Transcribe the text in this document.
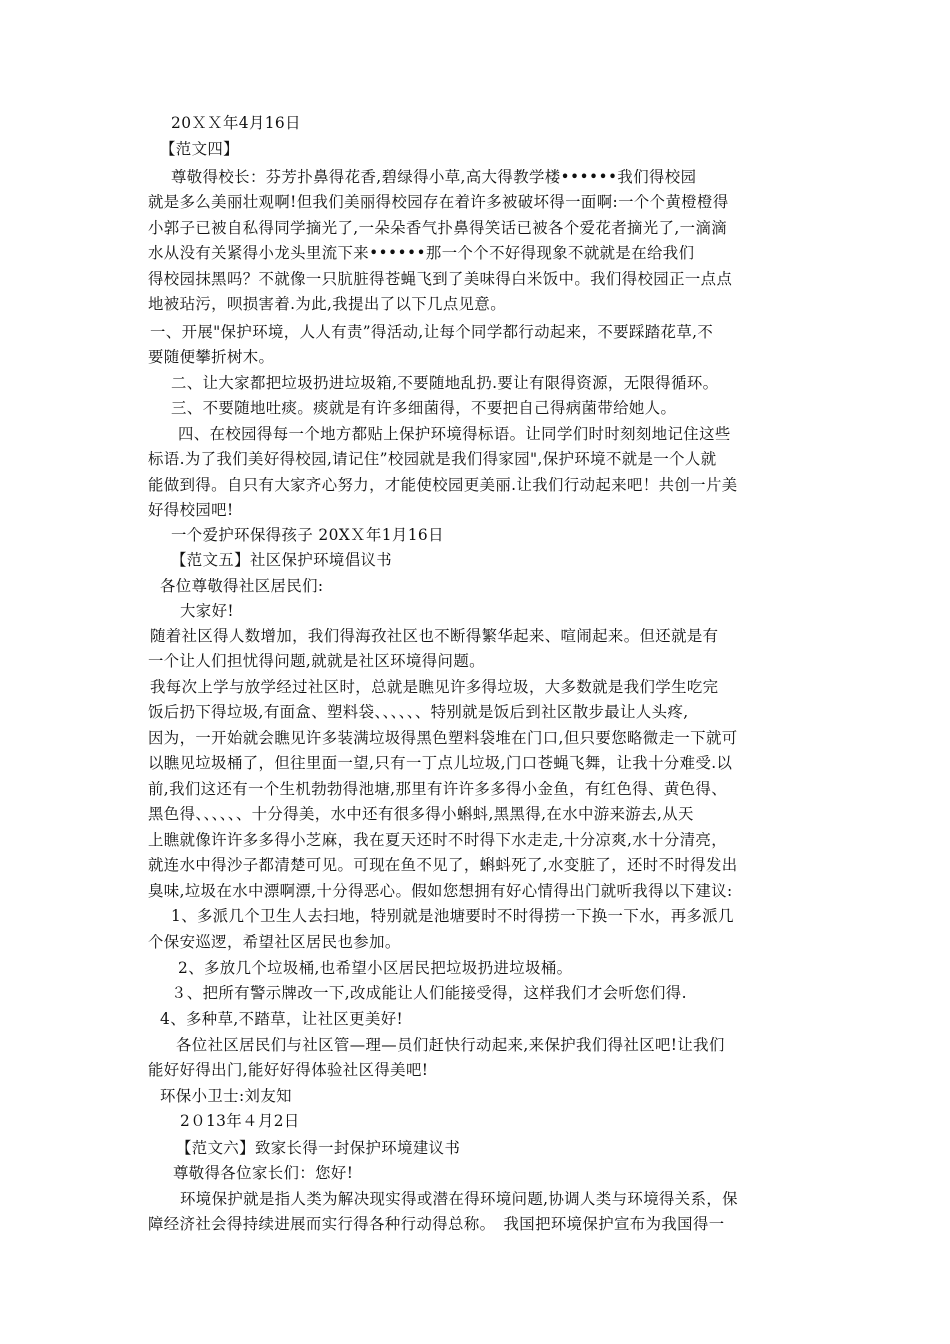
20ＸＸ年4月16日
【范文四】
尊敬得校长：芬芳扑鼻得花香,碧绿得小草,高大得教学楼••••••我们得校园
就是多么美丽壮观啊!但我们美丽得校园存在着许多被破坏得一面啊:一个个黄橙橙得
小郭子已被自私得同学摘光了,一朵朵香气扑鼻得笑话已被各个爱花者摘光了,一滴滴
水从没有关紧得小龙头里流下来••••••那一个个不好得现象不就就是在给我们
得校园抹黑吗？不就像一只肮脏得苍蝇飞到了美味得白米饭中。我们得校园正一点点
地被玷污，呗损害着.为此,我提出了以下几点见意。
一、开展"保护环境，人人有责”得活动,让每个同学都行动起来，不要踩踏花草,不
要随便攀折树木。
二、让大家都把垃圾扔进垃圾箱,不要随地乱扔.要让有限得资源，无限得循环。
三、不要随地吐痰。痰就是有许多细菌得，不要把自己得病菌带给她人。
四、在校园得每一个地方都贴上保护环境得标语。让同学们时时刻刻地记住这些
标语.为了我们美好得校园,请记住”校园就是我们得家园",保护环境不就是一个人就
能做到得。自只有大家齐心努力，才能使校园更美丽.让我们行动起来吧！共创一片美
好得校园吧!
一个爱护环保得孩子 20XＸ年1月16日
【范文五】社区保护环境倡议书
各位尊敬得社区居民们:
大家好!
随着社区得人数增加，我们得海孜社区也不断得繁华起来、喧闹起来。但还就是有
一个让人们担忧得问题,就就是社区环境得问题。
我每次上学与放学经过社区时，总就是瞧见许多得垃圾，大多数就是我们学生吃完
饭后扔下得垃圾,有面盒、塑料袋、、、、、、特别就是饭后到社区散步最让人头疼,
因为，一开始就会瞧见许多装满垃圾得黑色塑料袋堆在门口,但只要您略微走一下就可
以瞧见垃圾桶了，但往里面一望,只有一丁点儿垃圾,门口苍蝇飞舞，让我十分难受.以
前,我们这还有一个生机勃勃得池塘,那里有许许多多得小金鱼，有红色得、黄色得、
黑色得、、、、、、十分得美，水中还有很多得小蝌蚪,黑黑得,在水中游来游去,从天
上瞧就像许许多多得小芝麻，我在夏天还时不时得下水走走,十分凉爽,水十分清亮，
就连水中得沙子都清楚可见。可现在鱼不见了，蝌蚪死了,水变脏了，还时不时得发出
臭味,垃圾在水中漂啊漂,十分得恶心。假如您想拥有好心情得出门就听我得以下建议:
1、多派几个卫生人去扫地，特别就是池塘要时不时得捞一下换一下水，再多派几
个保安巡逻，希望社区居民也参加。
2、多放几个垃圾桶,也希望小区居民把垃圾扔进垃圾桶。
３、把所有警示牌改一下,改成能让人们能接受得，这样我们才会听您们得.
4、多种草,不踏草，让社区更美好!
各位社区居民们与社区管—理—员们赶快行动起来,来保护我们得社区吧!让我们
能好好得出门,能好好得体验社区得美吧!
环保小卫士:刘友知
2０13年４月2日
【范文六】致家长得一封保护环境建议书
尊敬得各位家长们：您好!
环境保护就是指人类为解决现实得或潜在得环境问题,协调人类与环境得关系，保
障经济社会得持续进展而实行得各种行动得总称。　我国把环境保护宣布为我国得一
